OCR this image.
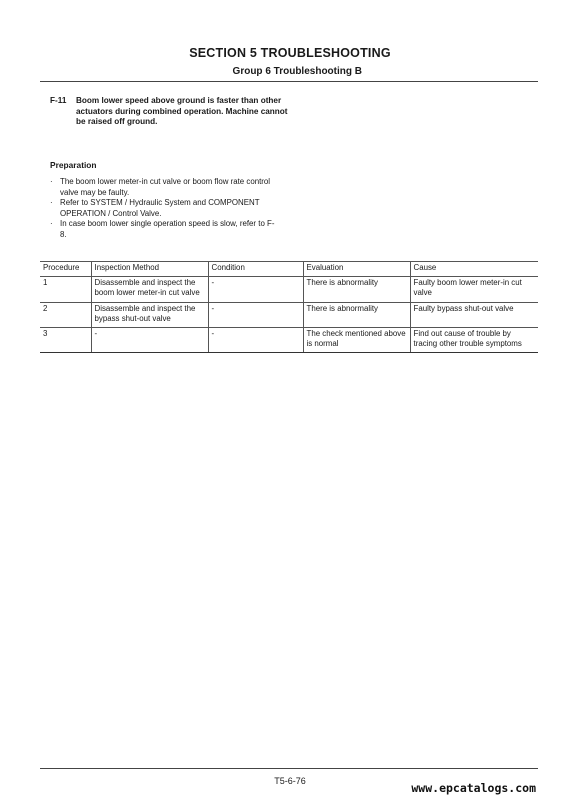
SECTION 5 TROUBLESHOOTING
Group 6 Troubleshooting B
F-11	Boom lower speed above ground is faster than other actuators during combined operation. Machine cannot be raised off ground.
Preparation
· The boom lower meter-in cut valve or boom flow rate control valve may be faulty.
· Refer to SYSTEM / Hydraulic System and COMPONENT OPERATION / Control Valve.
· In case boom lower single operation speed is slow, refer to F-8.
Procedure	Inspection Method	Condition	Evaluation	Cause
1	Disassemble and inspect the boom lower meter-in cut valve	-	There is abnormality	Faulty boom lower meter-in cut valve
2	Disassemble and inspect the bypass shut-out valve	-	There is abnormality	Faulty bypass shut-out valve
3	-	-	The check mentioned above is normal	Find out cause of trouble by tracing other trouble symptoms
T5-6-76	www.epcatalogs.com
